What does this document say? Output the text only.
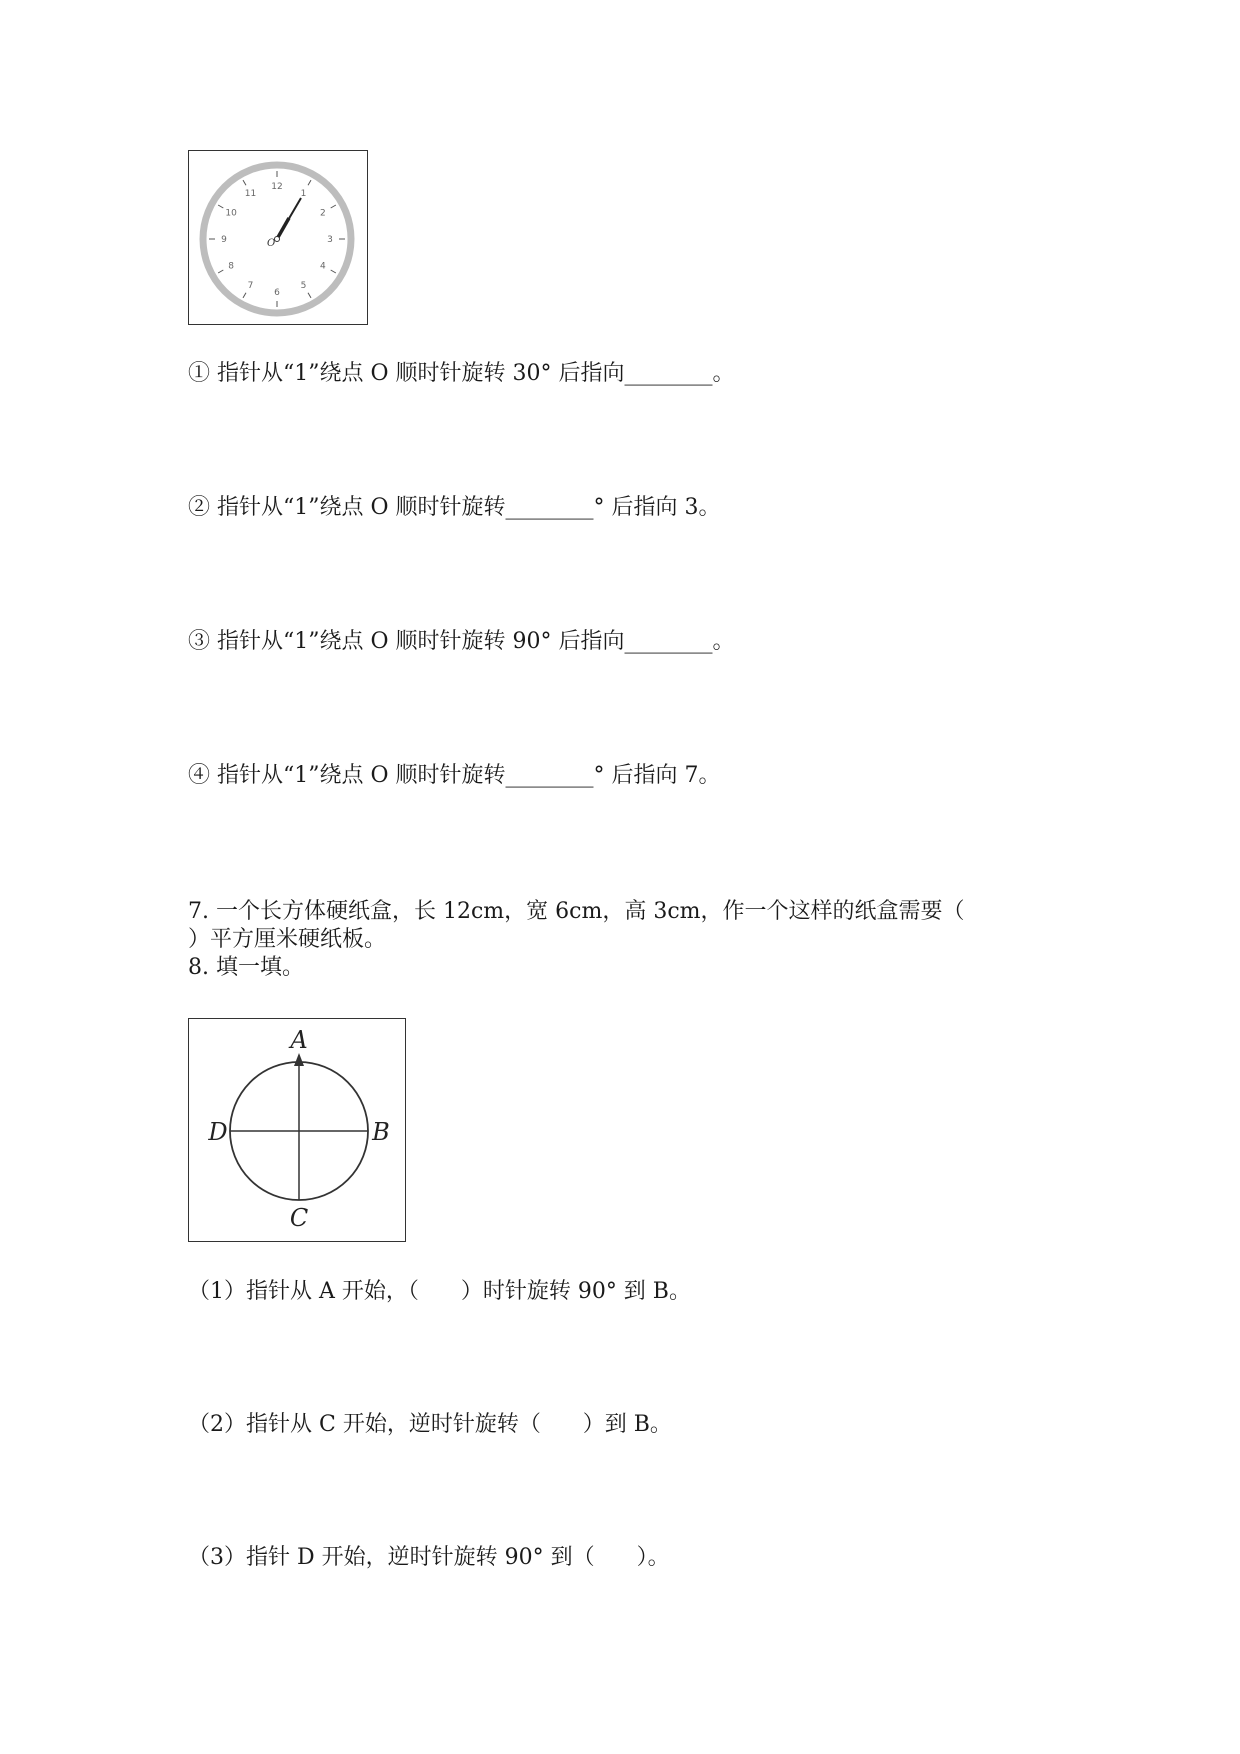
12
1
2
3
4
5
6
7
8
9
10
11
O
① 指针从“1”绕点 O 顺时针旋转 30° 后指向________。
② 指针从“1”绕点 O 顺时针旋转________° 后指向 3。
③ 指针从“1”绕点 O 顺时针旋转 90° 后指向________。
④ 指针从“1”绕点 O 顺时针旋转________° 后指向 7。
7. 一个长方体硬纸盒，长 12cm，宽 6cm，高 3cm，作一个这样的纸盒需要（
）平方厘米硬纸板。
8. 填一填。
A
B
C
D
（1）指针从 A 开始，（      ）时针旋转 90° 到 B。
（2）指针从 C 开始，逆时针旋转（      ）到 B。
（3）指针 D 开始，逆时针旋转 90° 到（      ）。
